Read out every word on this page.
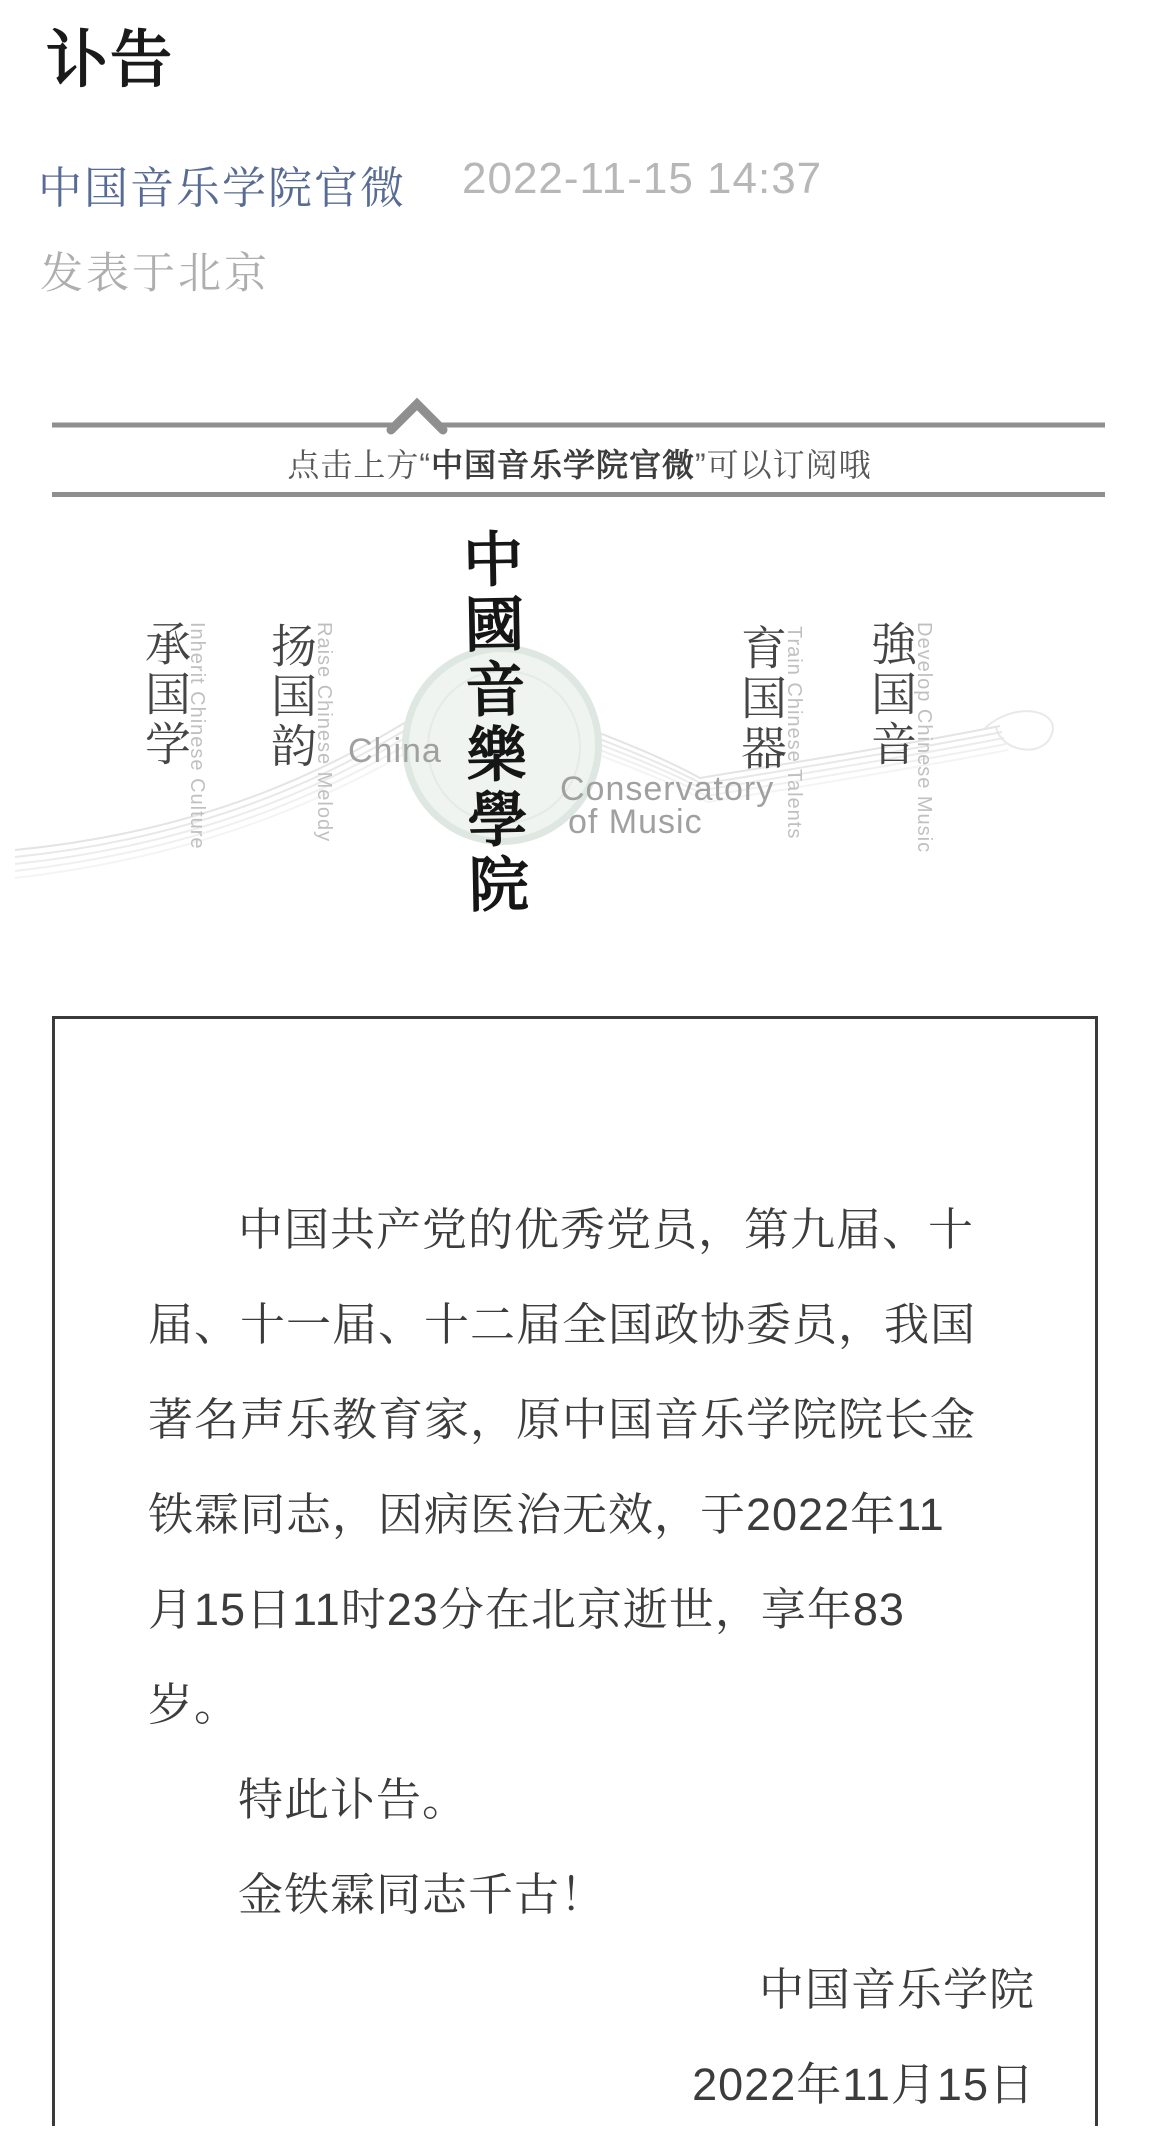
讣告
中国音乐学院官微 2022-11-15 14:37
发表于北京
点击上方“中国音乐学院官微”可以订阅哦
承国学
Inherit Chinese Culture 扬国韵
Raise Chinese Melody 中國音樂學院
China
Conservatory
of Music
育国器
Train Chinese Talents 強国音
Develop Chinese Music
中国共产党的优秀党员，第九届、十
届、十一届、十二届全国政协委员，我国
著名声乐教育家，原中国音乐学院院长金
铁霖同志，因病医治无效，于2022年11
月15日11时23分在北京逝世，享年83
岁。
特此讣告。
金铁霖同志千古！
中国音乐学院
2022年11月15日
